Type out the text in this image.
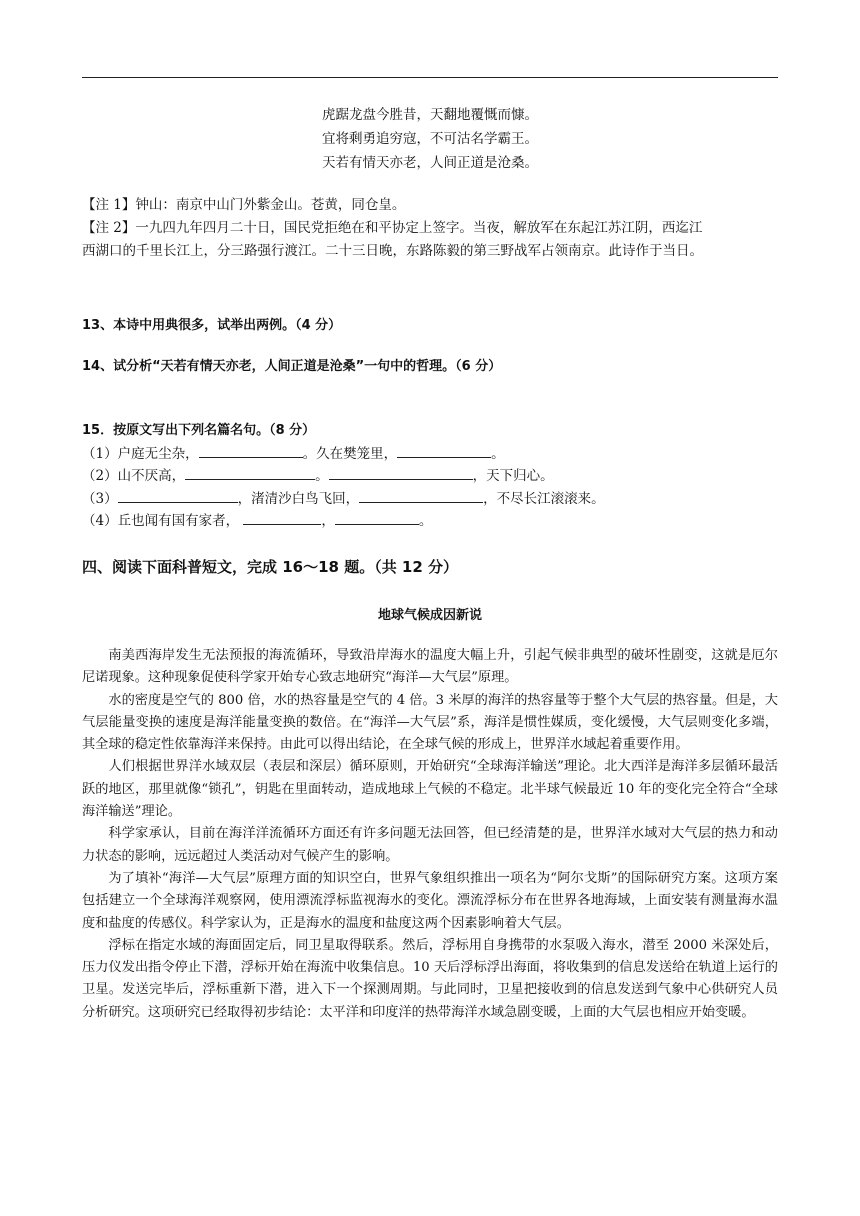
虎踞龙盘今胜昔，天翻地覆慨而慷。
宜将剩勇追穷寇，不可沽名学霸王。
天若有情天亦老，人间正道是沧桑。

【注 1】钟山：南京中山门外紫金山。苍黄，同仓皇。

【注 2】一九四九年四月二十日，国民党拒绝在和平协定上签字。当夜，解放军在东起江苏江阴，西迄江

西湖口的千里长江上，分三路强行渡江。二十三日晚，东路陈毅的第三野战军占领南京。此诗作于当日。

13、本诗中用典很多，试举出两例。（4 分）
14、试分析“天若有情天亦老，人间正道是沧桑”一句中的哲理。（6 分）

15．按原文写出下列名篇名句。（8 分）

（1）户庭无尘杂，	。久在樊笼里，	。

（2）山不厌高，	。	，天下归心。

（3）	，渚清沙白鸟飞回，	，不尽长江滚滚来。

（4）丘也闻有国有家者，	，	。

四、阅读下面科普短文，完成 16～18 题。（共 12 分）
地球气候成因新说

南美西海岸发生无法预报的海流循环，导致沿岸海水的温度大幅上升，引起气候非典型的破坏性剧变，这就是厄尔尼诺现象。这种现象促使科学家开始专心致志地研究“海洋—大气层”原理。

水的密度是空气的 800 倍，水的热容量是空气的 4 倍。3 米厚的海洋的热容量等于整个大气层的热容量。但是，大气层能量变换的速度是海洋能量变换的数倍。在“海洋—大气层”系，海洋是惯性媒质，变化缓慢，大气层则变化多端，其全球的稳定性依靠海洋来保持。由此可以得出结论，在全球气候的形成上，世界洋水域起着重要作用。

人们根据世界洋水域双层（表层和深层）循环原则，开始研究“全球海洋输送”理论。北大西洋是海洋多层循环最活跃的地区，那里就像“锁孔”，钥匙在里面转动，造成地球上气候的不稳定。北半球气候最近 10 年的变化完全符合“全球海洋输送”理论。

科学家承认，目前在海洋洋流循环方面还有许多问题无法回答，但已经清楚的是，世界洋水域对大气层的热力和动力状态的影响，远远超过人类活动对气候产生的影响。

为了填补“海洋—大气层”原理方面的知识空白，世界气象组织推出一项名为“阿尔戈斯”的国际研究方案。这项方案包括建立一个全球海洋观察网，使用漂流浮标监视海水的变化。漂流浮标分布在世界各地海域，上面安装有测量海水温度和盐度的传感仪。科学家认为，正是海水的温度和盐度这两个因素影响着大气层。

浮标在指定水域的海面固定后，同卫星取得联系。然后，浮标用自身携带的水泵吸入海水，潜至 2000 米深处后，压力仪发出指令停止下潜，浮标开始在海流中收集信息。10 天后浮标浮出海面，将收集到的信息发送给在轨道上运行的卫星。发送完毕后，浮标重新下潜，进入下一个探测周期。与此同时，卫星把接收到的信息发送到气象中心供研究人员分析研究。这项研究已经取得初步结论：太平洋和印度洋的热带海洋水域急剧变暖，上面的大气层也相应开始变暖。
